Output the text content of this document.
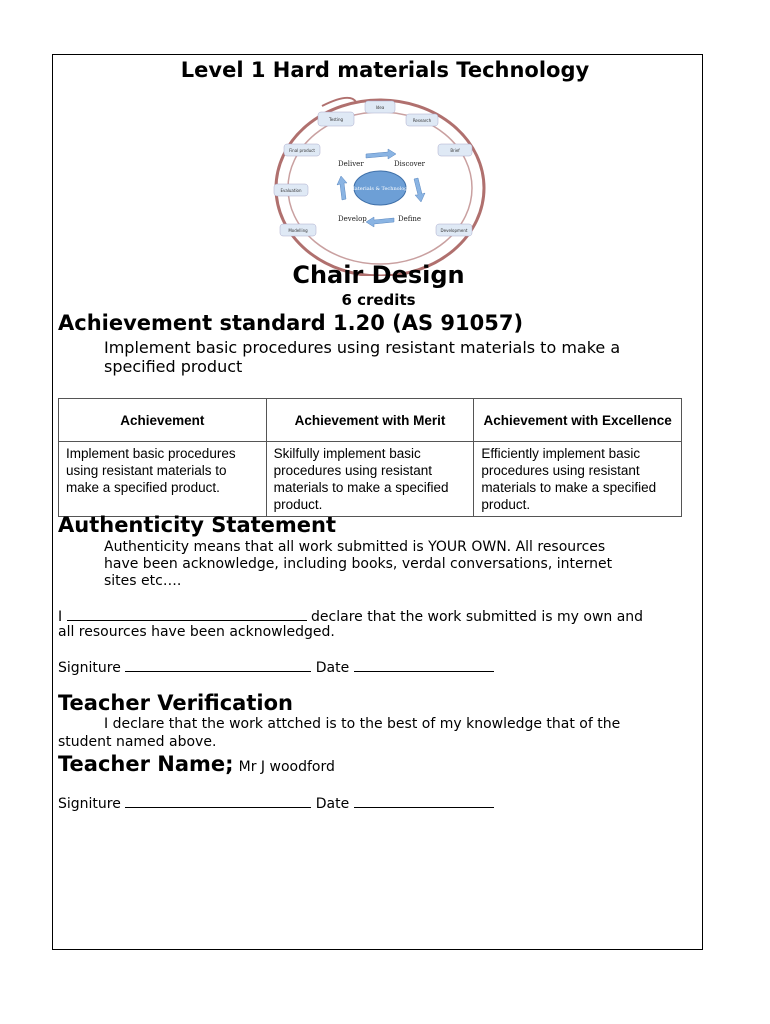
Level 1 Hard materials Technology
Idea
Research
Brief
Development
Modelling
Evaluation
Final product
Testing
Materials & Technology
Deliver	Discover
Define
Develop
Chair Design
6 credits
Achievement standard 1.20 (AS 91057)
Implement basic procedures using resistant materials to make a
specified product
Achievement	Achievement with Merit	Achievement with Excellence
Implement basic procedures using resistant materials to make a specified product.	Skilfully implement basic procedures using resistant materials to make a specified product.	Efficiently implement basic procedures using resistant materials to make a specified product.
Authenticity Statement
Authenticity means that all work submitted is YOUR OWN. All resources
have been acknowledge, including books, verdal conversations, internet
sites etc….
I	declare that the work submitted is my own and
all resources have been acknowledged.
Signiture	Date
Teacher Verification
I declare that the work attched is to the best of my knowledge that of the
student named above.
Teacher Name; Mr J woodford
Signiture	Date
